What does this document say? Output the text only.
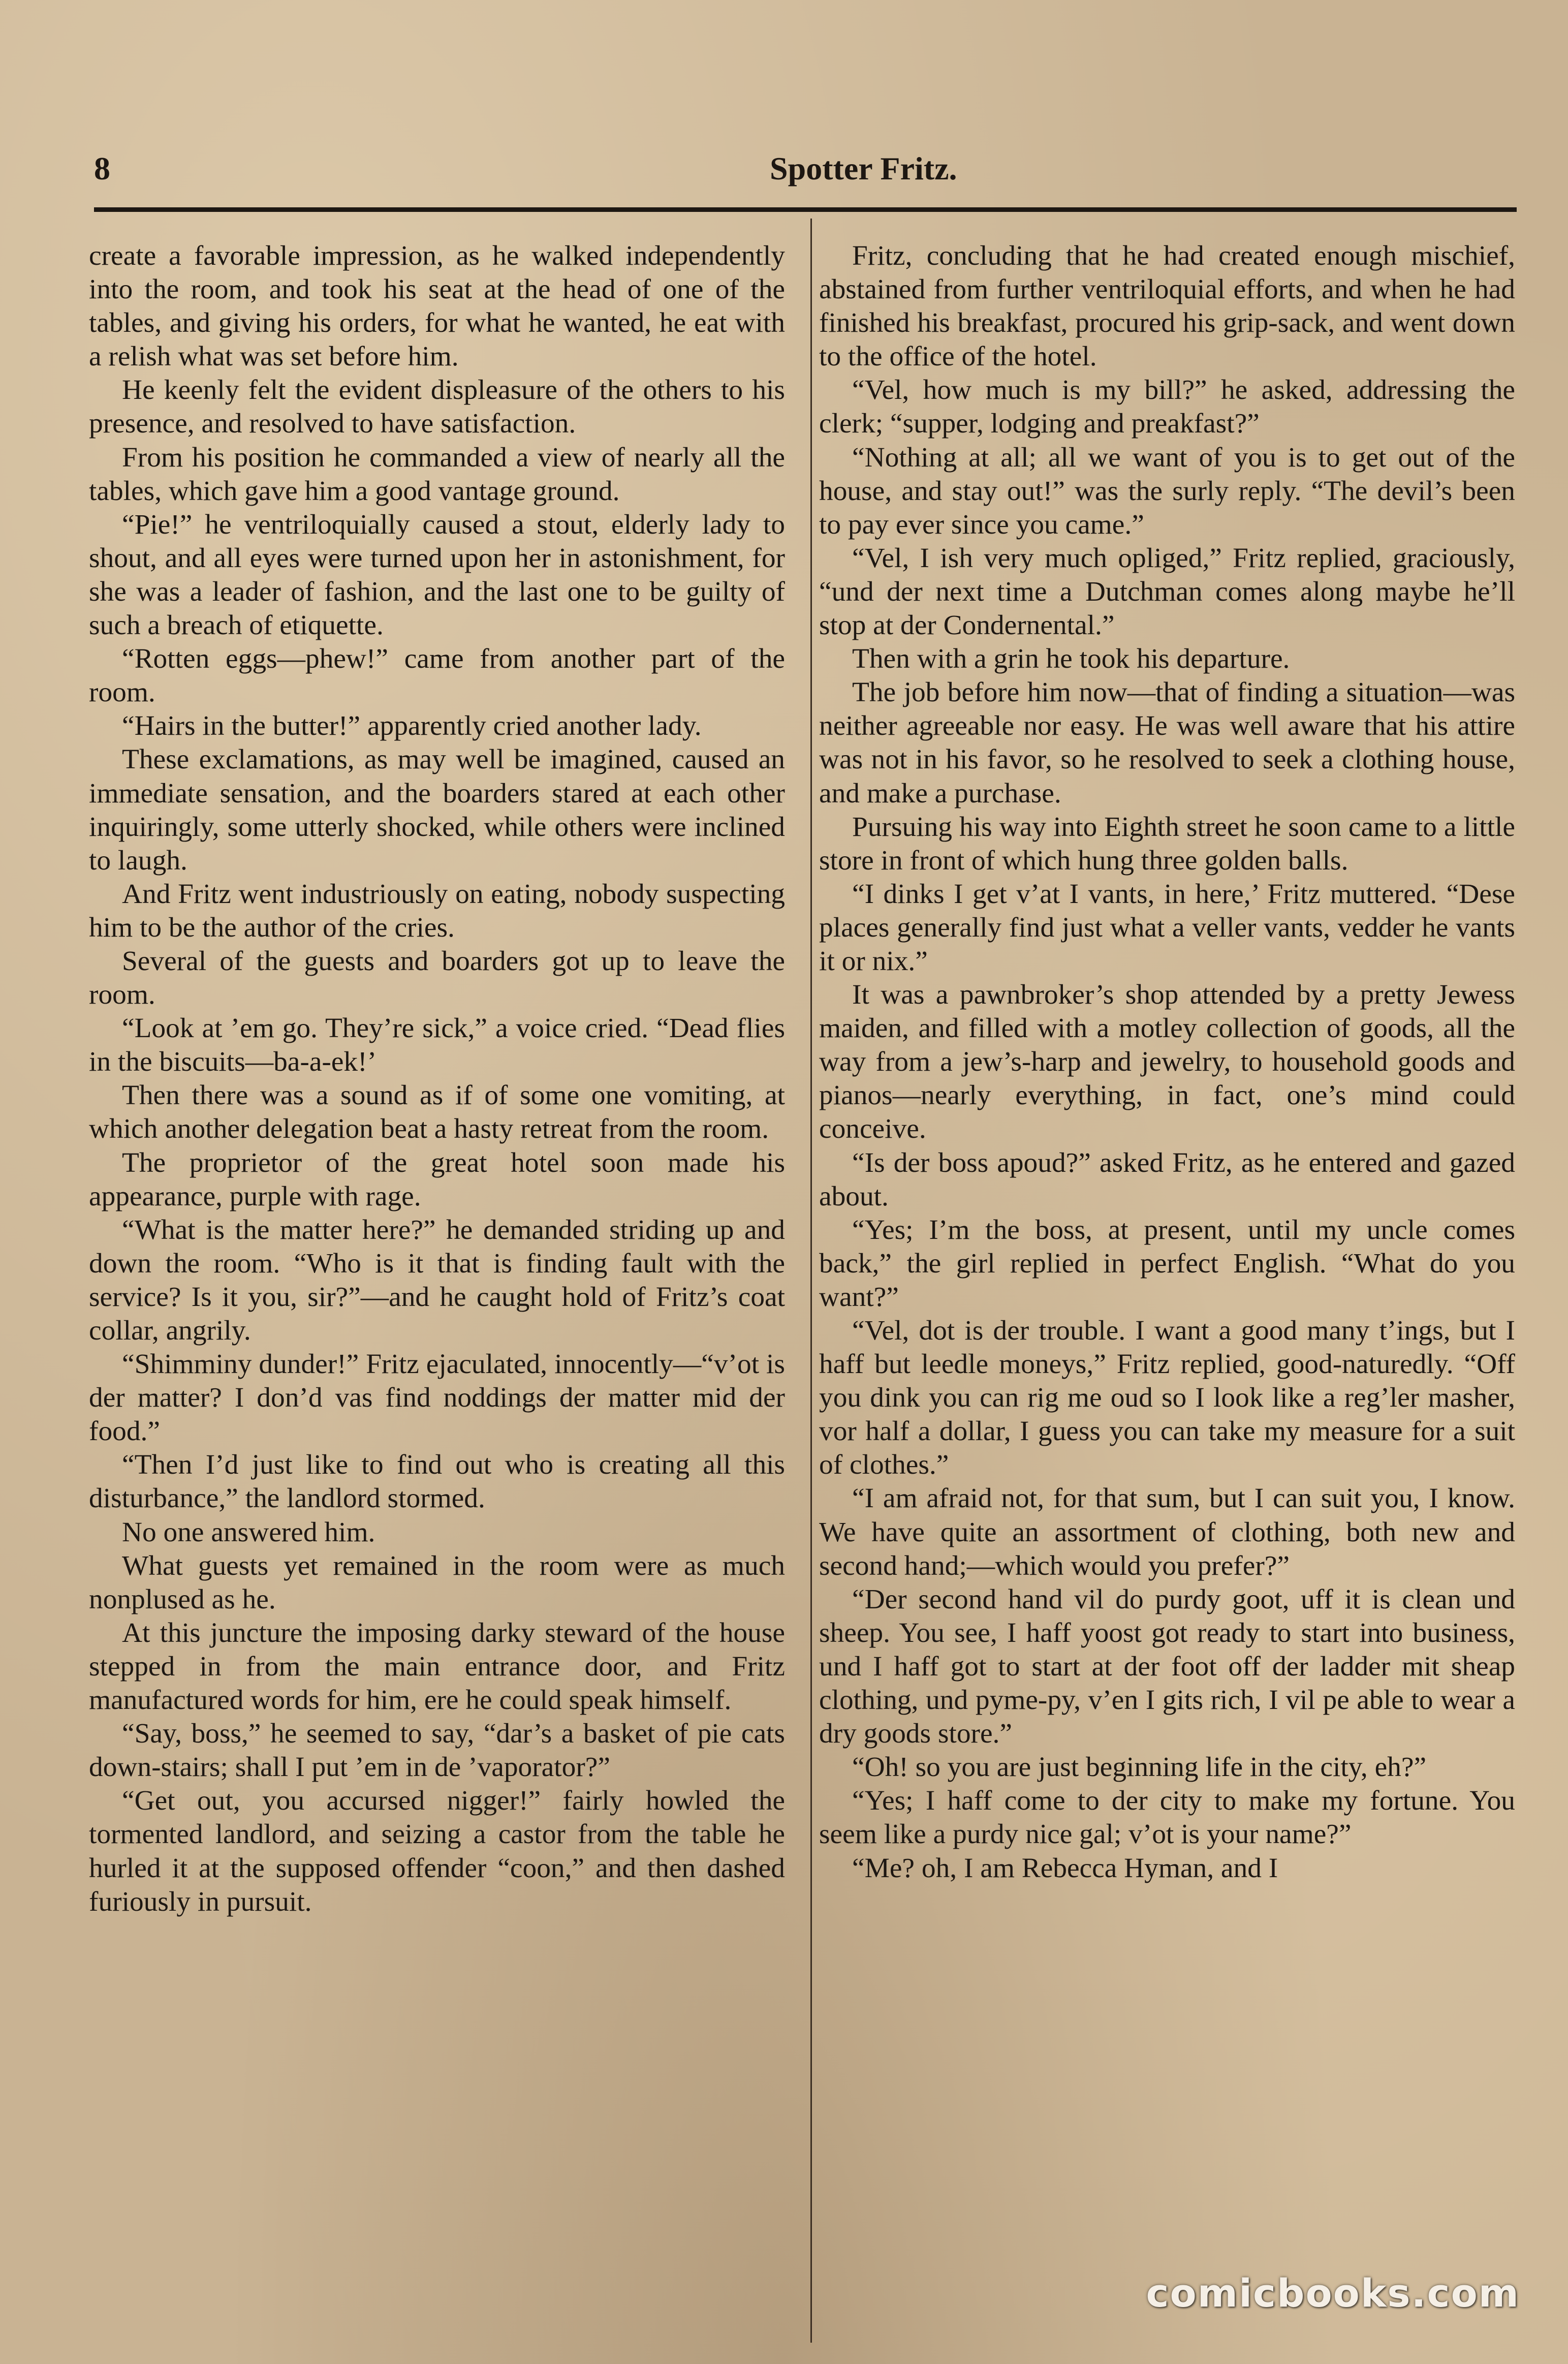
8	Spotter Fritz.

create a favorable impression, as he walked independently into the room, and took his seat at the head of one of the tables, and giving his orders, for what he wanted, he eat with a relish what was set before him.

He keenly felt the evident displeasure of the others to his presence, and resolved to have satisfaction.

From his position he commanded a view of nearly all the tables, which gave him a good vantage ground.

“Pie!” he ventriloquially caused a stout, elderly lady to shout, and all eyes were turned upon her in astonishment, for she was a leader of fashion, and the last one to be guilty of such a breach of etiquette.

“Rotten eggs—phew!” came from another part of the room.

“Hairs in the butter!” apparently cried another lady.

These exclamations, as may well be imagined, caused an immediate sensation, and the boarders stared at each other inquiringly, some utterly shocked, while others were inclined to laugh.

And Fritz went industriously on eating, nobody suspecting him to be the author of the cries.

Several of the guests and boarders got up to leave the room.

“Look at ’em go. They’re sick,” a voice cried. “Dead flies in the biscuits—ba-a-ek!’

Then there was a sound as if of some one vomiting, at which another delegation beat a hasty retreat from the room.

The proprietor of the great hotel soon made his appearance, purple with rage.

“What is the matter here?” he demanded striding up and down the room. “Who is it that is finding fault with the service? Is it you, sir?”—and he caught hold of Fritz’s coat collar, angrily.

“Shimminy dunder!” Fritz ejaculated, innocently—“v’ot is der matter? I don’d vas find noddings der matter mid der food.”

“Then I’d just like to find out who is creating all this disturbance,” the landlord stormed.

No one answered him.

What guests yet remained in the room were as much nonplused as he.

At this juncture the imposing darky steward of the house stepped in from the main entrance door, and Fritz manufactured words for him, ere he could speak himself.

“Say, boss,” he seemed to say, “dar’s a basket of pie cats down-stairs; shall I put ’em in de ’vaporator?”

“Get out, you accursed nigger!” fairly howled the tormented landlord, and seizing a castor from the table he hurled it at the supposed offender “coon,” and then dashed furiously in pursuit.

Fritz, concluding that he had created enough mischief, abstained from further ventriloquial efforts, and when he had finished his breakfast, procured his grip-sack, and went down to the office of the hotel.

“Vel, how much is my bill?” he asked, addressing the clerk; “supper, lodging and preakfast?”

“Nothing at all; all we want of you is to get out of the house, and stay out!” was the surly reply. “The devil’s been to pay ever since you came.”

“Vel, I ish very much opliged,” Fritz replied, graciously, “und der next time a Dutchman comes along maybe he’ll stop at der Condernental.”

Then with a grin he took his departure.

The job before him now—that of finding a situation—was neither agreeable nor easy. He was well aware that his attire was not in his favor, so he resolved to seek a clothing house, and make a purchase.

Pursuing his way into Eighth street he soon came to a little store in front of which hung three golden balls.

“I dinks I get v’at I vants, in here,’ Fritz muttered. “Dese places generally find just what a veller vants, vedder he vants it or nix.”

It was a pawnbroker’s shop attended by a pretty Jewess maiden, and filled with a motley collection of goods, all the way from a jew’s-harp and jewelry, to household goods and pianos—nearly everything, in fact, one’s mind could conceive.

“Is der boss apoud?” asked Fritz, as he entered and gazed about.

“Yes; I’m the boss, at present, until my uncle comes back,” the girl replied in perfect English. “What do you want?”

“Vel, dot is der trouble. I want a good many t’ings, but I haff but leedle moneys,” Fritz replied, good-naturedly. “Off you dink you can rig me oud so I look like a reg’ler masher, vor half a dollar, I guess you can take my measure for a suit of clothes.”

“I am afraid not, for that sum, but I can suit you, I know. We have quite an assortment of clothing, both new and second hand;—which would you prefer?”

“Der second hand vil do purdy goot, uff it is clean und sheep. You see, I haff yoost got ready to start into business, und I haff got to start at der foot off der ladder mit sheap clothing, und pyme-py, v’en I gits rich, I vil pe able to wear a dry goods store.”

“Oh! so you are just beginning life in the city, eh?”

“Yes; I haff come to der city to make my fortune. You seem like a purdy nice gal; v’ot is your name?”

“Me? oh, I am Rebecca Hyman, and I

comicbooks.com
